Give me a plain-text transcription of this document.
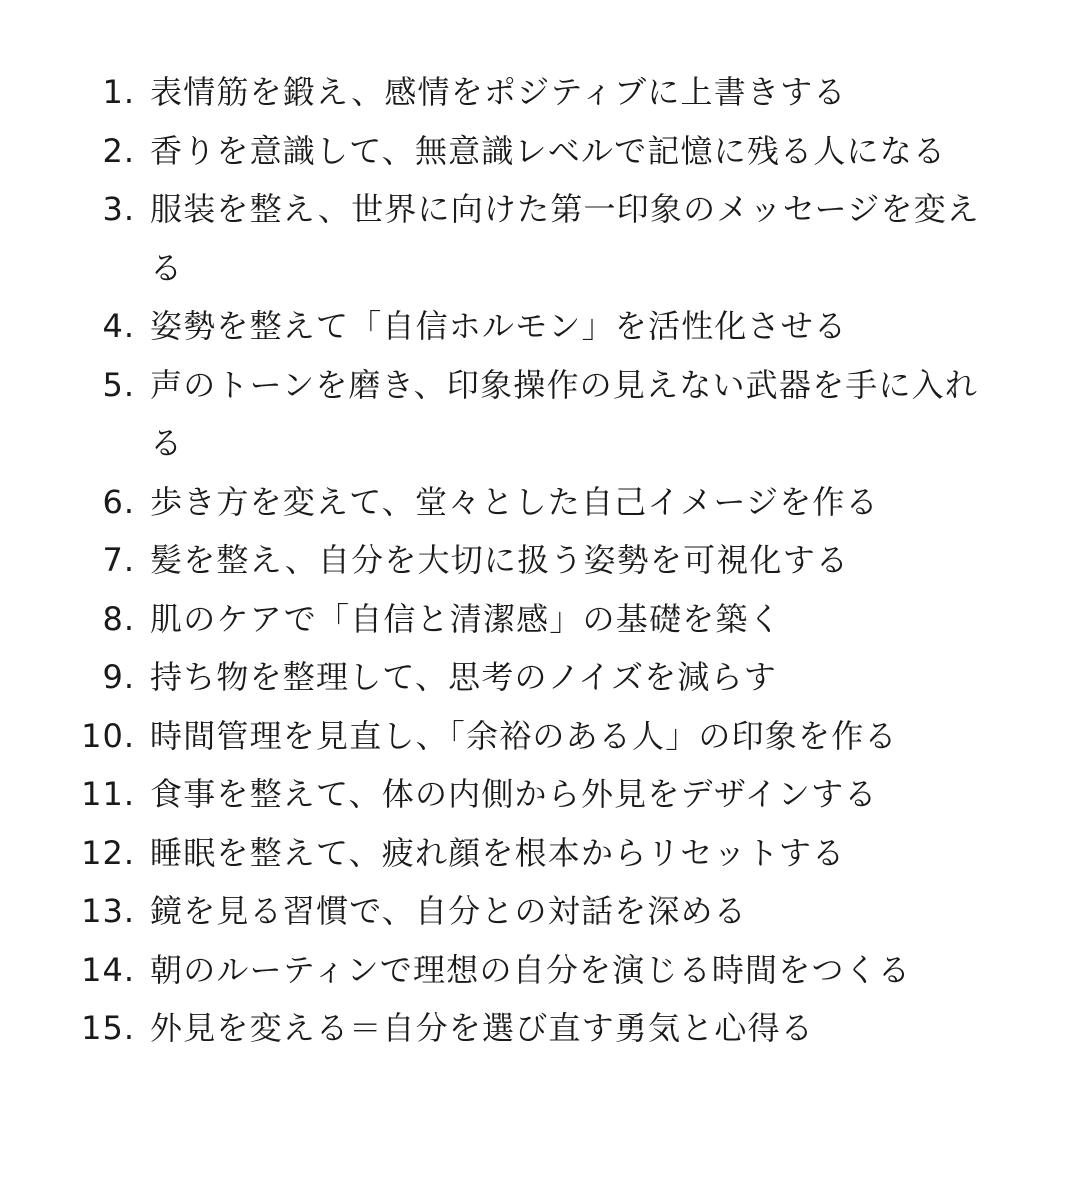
1. 表情筋を鍛え、感情をポジティブに上書きする
2. 香りを意識して、無意識レベルで記憶に残る人になる
3. 服装を整え、世界に向けた第一印象のメッセージを変える
4. 姿勢を整えて「自信ホルモン」を活性化させる
5. 声のトーンを磨き、印象操作の見えない武器を手に入れる
6. 歩き方を変えて、堂々とした自己イメージを作る
7. 髪を整え、自分を大切に扱う姿勢を可視化する
8. 肌のケアで「自信と清潔感」の基礎を築く
9. 持ち物を整理して、思考のノイズを減らす
10. 時間管理を見直し、「余裕のある人」の印象を作る
11. 食事を整えて、体の内側から外見をデザインする
12. 睡眠を整えて、疲れ顔を根本からリセットする
13. 鏡を見る習慣で、自分との対話を深める
14. 朝のルーティンで理想の自分を演じる時間をつくる
15. 外見を変える＝自分を選び直す勇気と心得る
